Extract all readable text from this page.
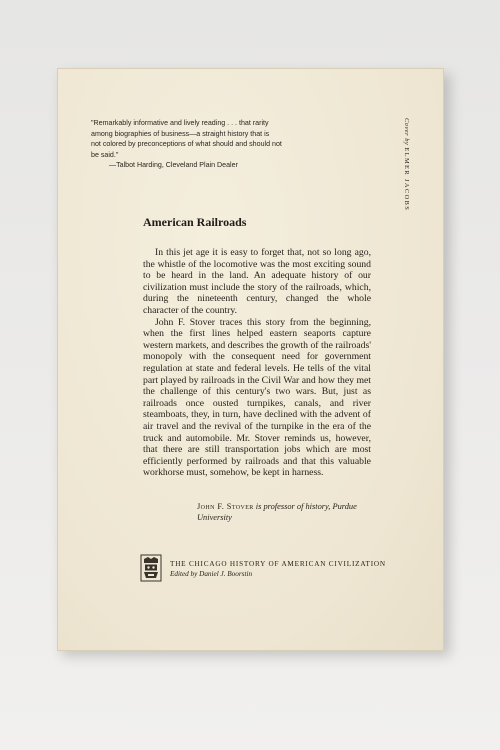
"Remarkably informative and lively reading . . . that rarity
among biographies of business—a straight history that is
not colored by preconceptions of what should and should not
be said."
—Talbot Harding, Cleveland Plain Dealer
Cover by ELMER JACOBS
American Railroads

In this jet age it is easy to forget that, not so long ago, the whistle of the locomotive was the most exciting sound to be heard in the land. An adequate history of our civilization must include the story of the railroads, which, during the nineteenth century, changed the whole character of the country.

John F. Stover traces this story from the beginning, when the first lines helped eastern seaports capture western markets, and describes the growth of the railroads' monopoly with the consequent need for government regulation at state and federal levels. He tells of the vital part played by railroads in the Civil War and how they met the challenge of this century's two wars. But, just as railroads once ousted turnpikes, canals, and river steamboats, they, in turn, have declined with the advent of air travel and the revival of the turnpike in the era of the truck and automobile. Mr. Stover reminds us, however, that there are still transportation jobs which are most efficiently performed by railroads and that this valuable workhorse must, somehow, be kept in harness.

John F. Stover is professor of history, Purdue University
THE CHICAGO HISTORY OF AMERICAN CIVILIZATION
Edited by Daniel J. Boorstin
